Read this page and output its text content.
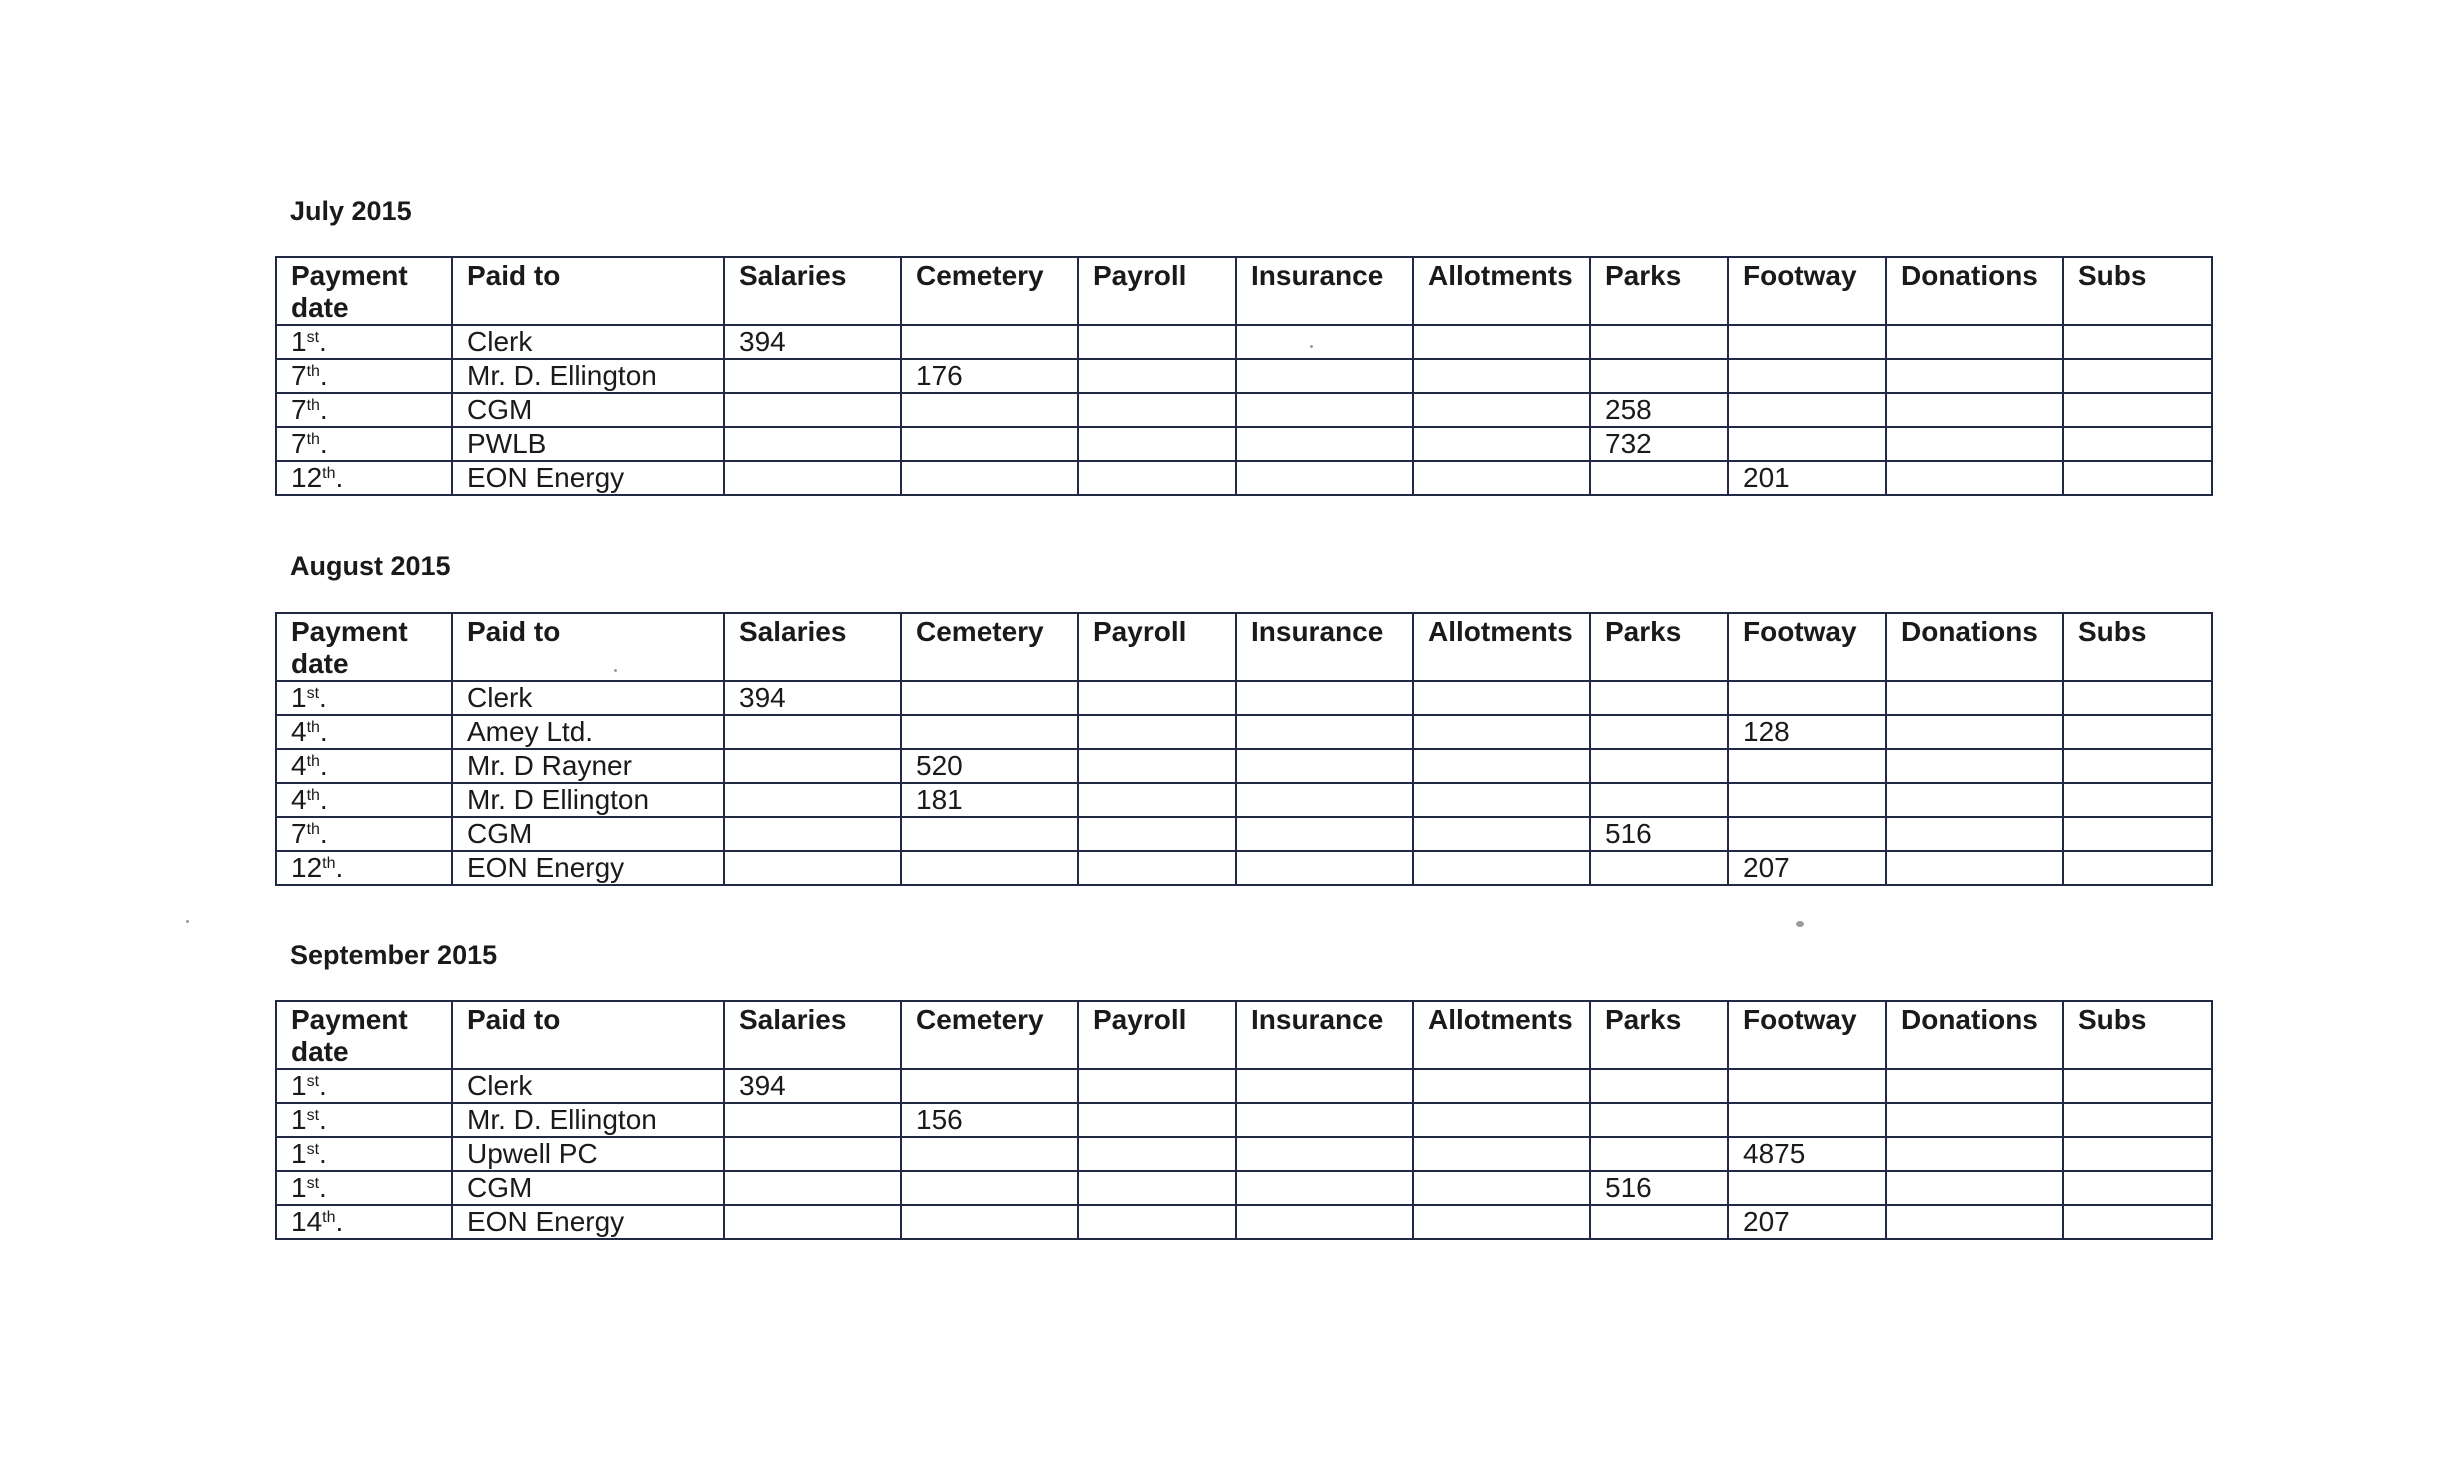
July 2015
Payment date	Paid to	Salaries	Cemetery	Payroll	Insurance	Allotments	Parks	Footway	Donations	Subs
1st.	Clerk	394								
7th.	Mr. D. Ellington		176							
7th.	CGM						258			
7th.	PWLB						732			
12th.	EON Energy							201		
August 2015
Payment date	Paid to	Salaries	Cemetery	Payroll	Insurance	Allotments	Parks	Footway	Donations	Subs
1st.	Clerk	394								
4th.	Amey Ltd.							128		
4th.	Mr. D Rayner		520							
4th.	Mr. D Ellington		181							
7th.	CGM						516			
12th.	EON Energy							207		
September 2015
Payment date	Paid to	Salaries	Cemetery	Payroll	Insurance	Allotments	Parks	Footway	Donations	Subs
1st.	Clerk	394								
1st.	Mr. D. Ellington		156							
1st.	Upwell PC							4875		
1st.	CGM						516			
14th.	EON Energy							207		
